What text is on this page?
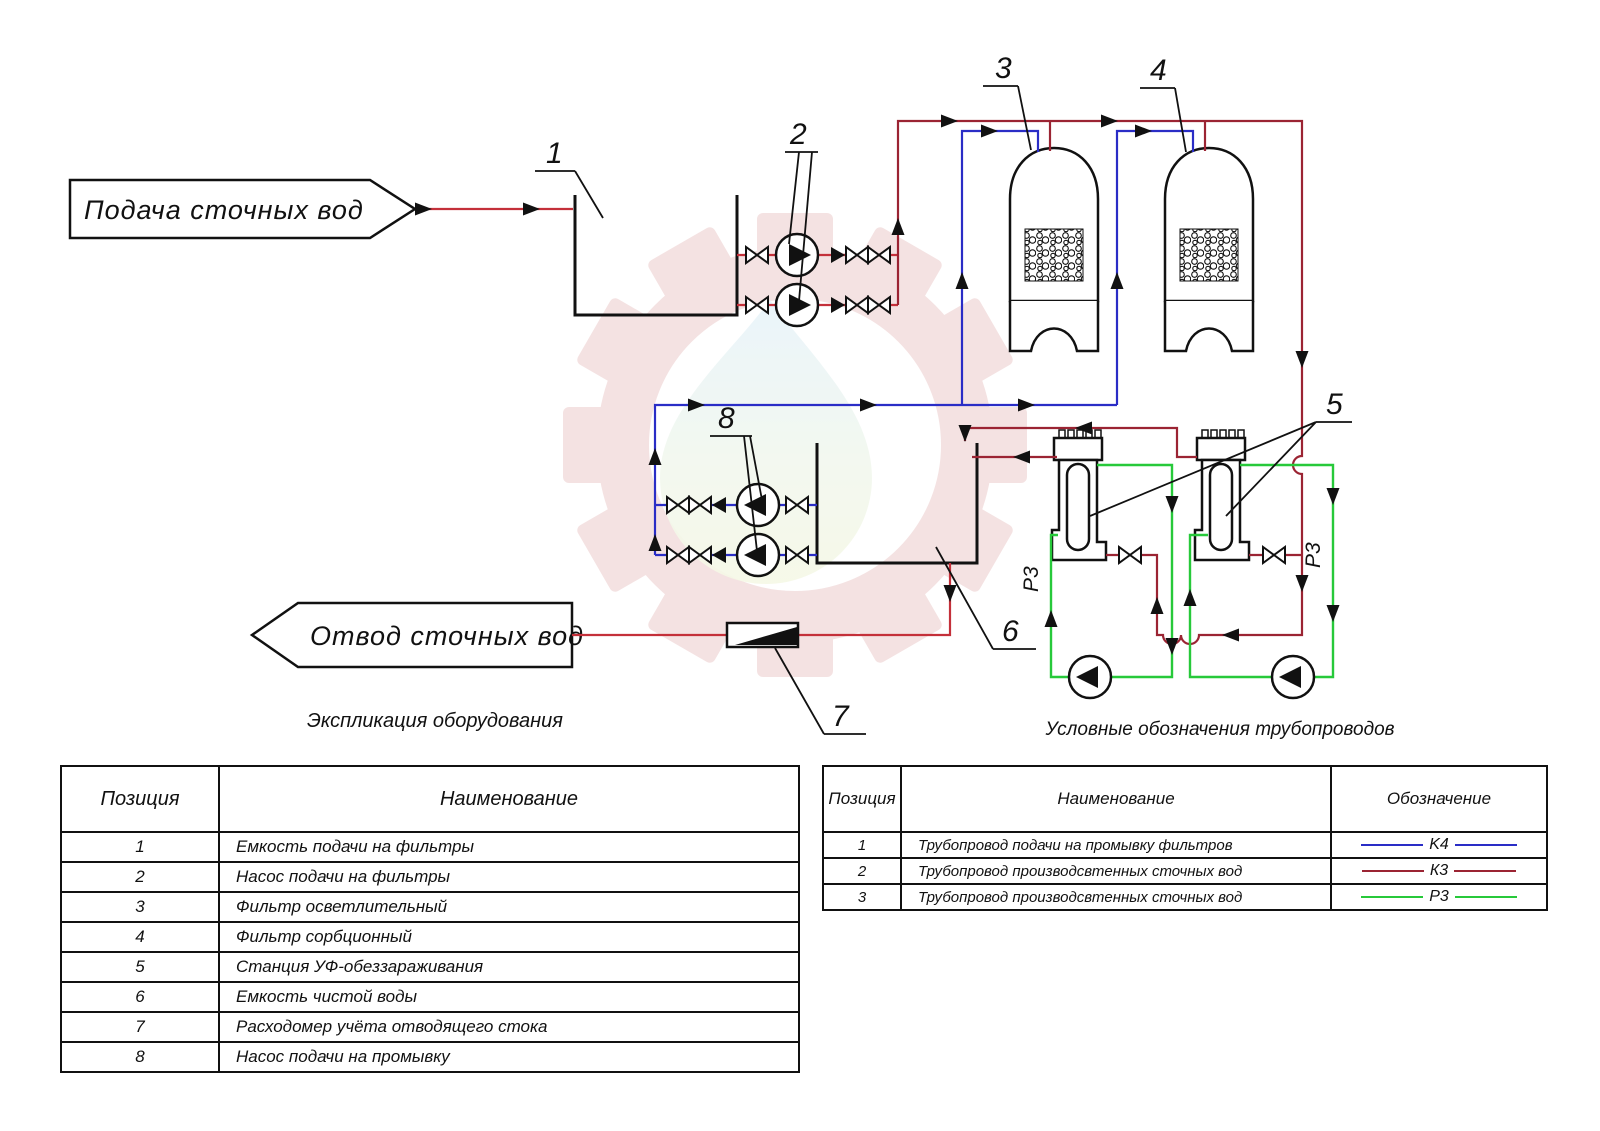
Подача сточных вод
Отвод сточных вод
1
2
3	4
5
6
7
8
Р3
Р3
Экспликация оборудования	Условные обозначения трубопроводов
Позиция	Наименование
1	Емкость подачи на фильтры
2	Насос подачи на фильтры
3	Фильтр осветлительный
4	Фильтр сорбционный
5	Станция УФ-обеззараживания
6	Емкость чистой воды
7	Расходомер учёта отводящего стока
8	Насос подачи на промывку
Позиция	Наименование	Обозначение
1	Трубопровод подачи на промывку фильтров	K4

2	Трубопровод производсвтенных сточных вод	К3

3	Трубопровод производсвтенных сточных вод	Р3
